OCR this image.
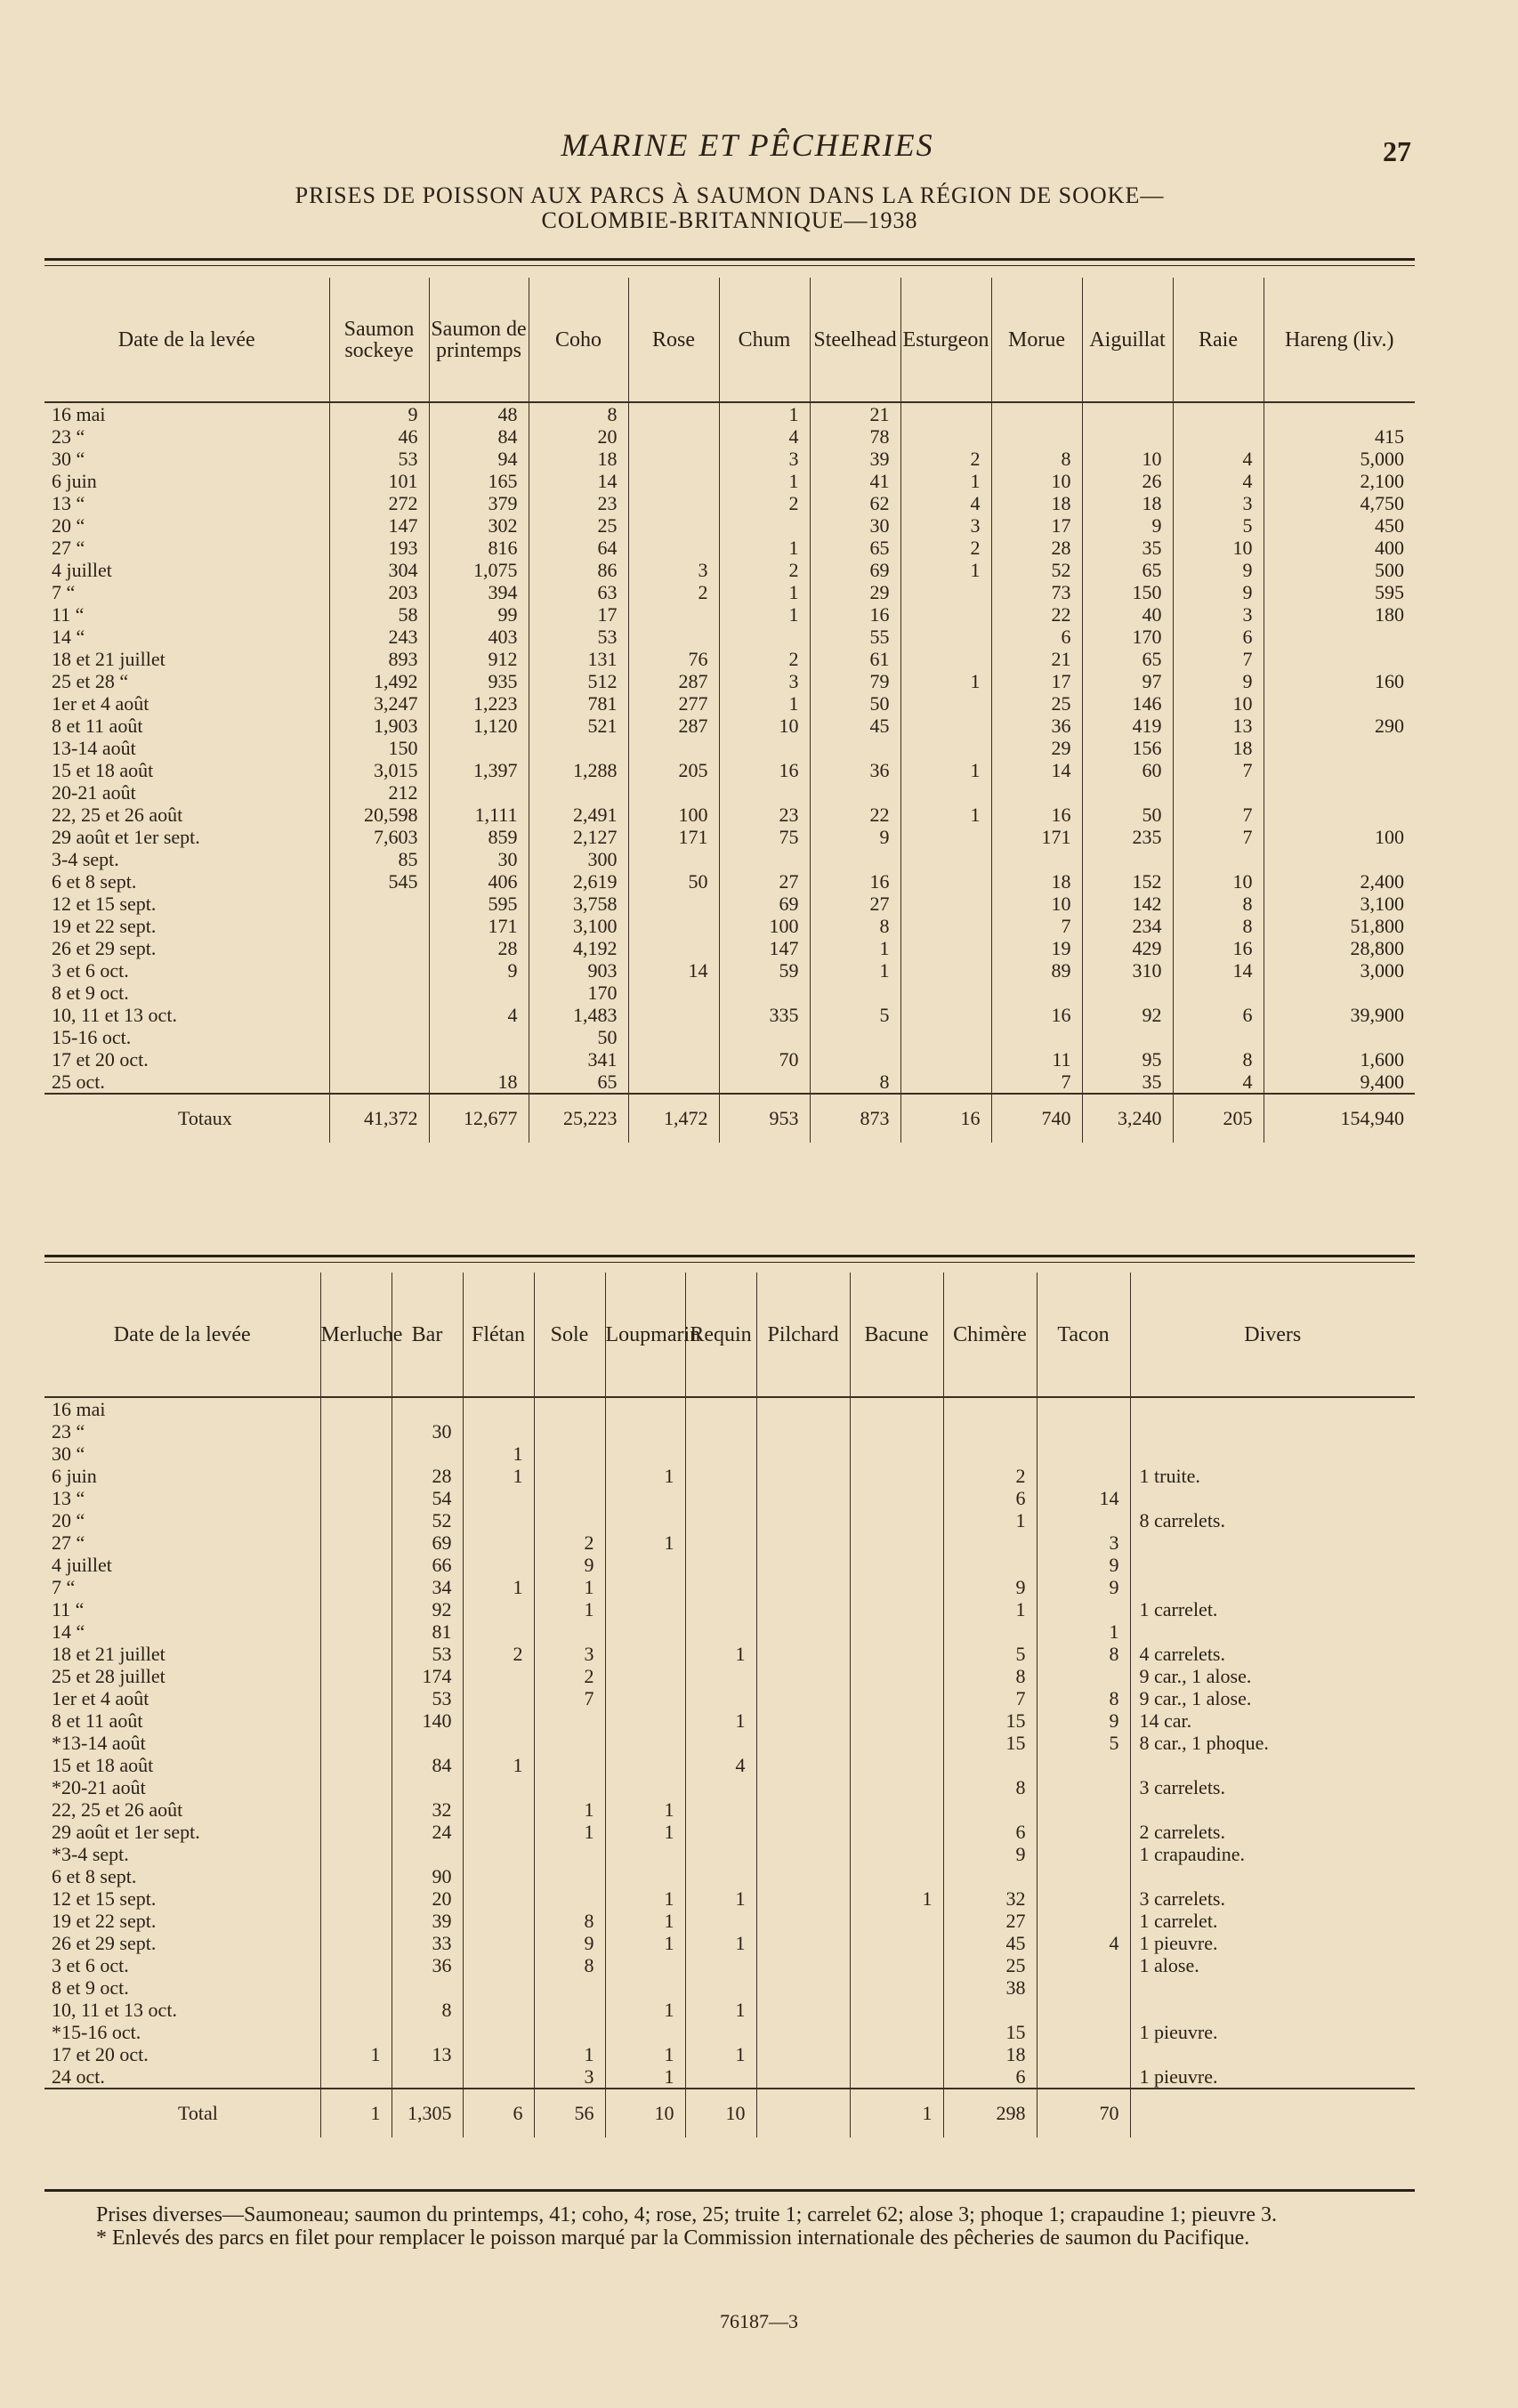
MARINE ET PÊCHERIES	27
PRISES DE POISSON AUX PARCS À SAUMON DANS LA RÉGION DE SOOKE—
COLOMBIE-BRITANNIQUE—1938
Date de la levée	Saumon sockeye	Saumon de printemps	Coho	Rose	Chum	Steelhead	Esturgeon	Morue	Aiguillat	Raie	Hareng (liv.)
16 mai	9	48	8		1	21					
23 “	46	84	20		4	78					415
30 “	53	94	18		3	39	2	8	10	4	5,000
6 juin	101	165	14		1	41	1	10	26	4	2,100
13 “	272	379	23		2	62	4	18	18	3	4,750
20 “	147	302	25			30	3	17	9	5	450
27 “	193	816	64		1	65	2	28	35	10	400
4 juillet	304	1,075	86	3	2	69	1	52	65	9	500
7 “	203	394	63	2	1	29		73	150	9	595
11 “	58	99	17		1	16		22	40	3	180
14 “	243	403	53			55		6	170	6	
18 et 21 juillet	893	912	131	76	2	61		21	65	7	
25 et 28 “	1,492	935	512	287	3	79	1	17	97	9	160
1er et 4 août	3,247	1,223	781	277	1	50		25	146	10	
8 et 11 août	1,903	1,120	521	287	10	45		36	419	13	290
13-14 août	150							29	156	18	
15 et 18 août	3,015	1,397	1,288	205	16	36	1	14	60	7	
20-21 août	212										
22, 25 et 26 août	20,598	1,111	2,491	100	23	22	1	16	50	7	
29 août et 1er sept.	7,603	859	2,127	171	75	9		171	235	7	100
3-4 sept.	85	30	300								
6 et 8 sept.	545	406	2,619	50	27	16		18	152	10	2,400
12 et 15 sept.		595	3,758		69	27		10	142	8	3,100
19 et 22 sept.		171	3,100		100	8		7	234	8	51,800
26 et 29 sept.		28	4,192		147	1		19	429	16	28,800
3 et 6 oct.		9	903	14	59	1		89	310	14	3,000
8 et 9 oct.			170								
10, 11 et 13 oct.		4	1,483		335	5		16	92	6	39,900
15-16 oct.			50								
17 et 20 oct.			341		70			11	95	8	1,600
25 oct.		18	65			8		7	35	4	9,400
Totaux	41,372	12,677	25,223	1,472	953	873	16	740	3,240	205	154,940
Date de la levée	Merluche	Bar	Flétan	Sole	Loupmarin	Requin	Pilchard	Bacune	Chimère	Tacon	Divers
16 mai											
23 “		30									
30 “			1								
6 juin		28	1		1				2		1 truite.
13 “		54							6	14	
20 “		52							1		8 carrelets.
27 “		69		2	1					3	
4 juillet		66		9						9	
7 “		34	1	1					9	9	
11 “		92		1					1		1 carrelet.
14 “		81								1	
18 et 21 juillet		53	2	3		1			5	8	4 carrelets.
25 et 28 juillet		174		2					8		9 car., 1 alose.
1er et 4 août		53		7					7	8	9 car., 1 alose.
8 et 11 août		140				1			15	9	14 car.
*13-14 août									15	5	8 car., 1 phoque.
15 et 18 août		84	1			4					
*20-21 août									8		3 carrelets.
22, 25 et 26 août		32		1	1						
29 août et 1er sept.		24		1	1				6		2 carrelets.
*3-4 sept.									9		1 crapaudine.
6 et 8 sept.		90									
12 et 15 sept.		20			1	1		1	32		3 carrelets.
19 et 22 sept.		39		8	1				27		1 carrelet.
26 et 29 sept.		33		9	1	1			45	4	1 pieuvre.
3 et 6 oct.		36		8					25		1 alose.
8 et 9 oct.									38		
10, 11 et 13 oct.		8			1	1					
*15-16 oct.									15		1 pieuvre.
17 et 20 oct.	1	13		1	1	1			18		
24 oct.				3	1				6		1 pieuvre.
Total	1	1,305	6	56	10	10		1	298	70	

Prises diverses—Saumoneau; saumon du printemps, 41; coho, 4; rose, 25; truite 1; carrelet 62; alose 3; phoque 1; crapaudine 1; pieuvre 3.

* Enlevés des parcs en filet pour remplacer le poisson marqué par la Commission internationale des pêcheries de saumon du Pacifique.

76187—3
